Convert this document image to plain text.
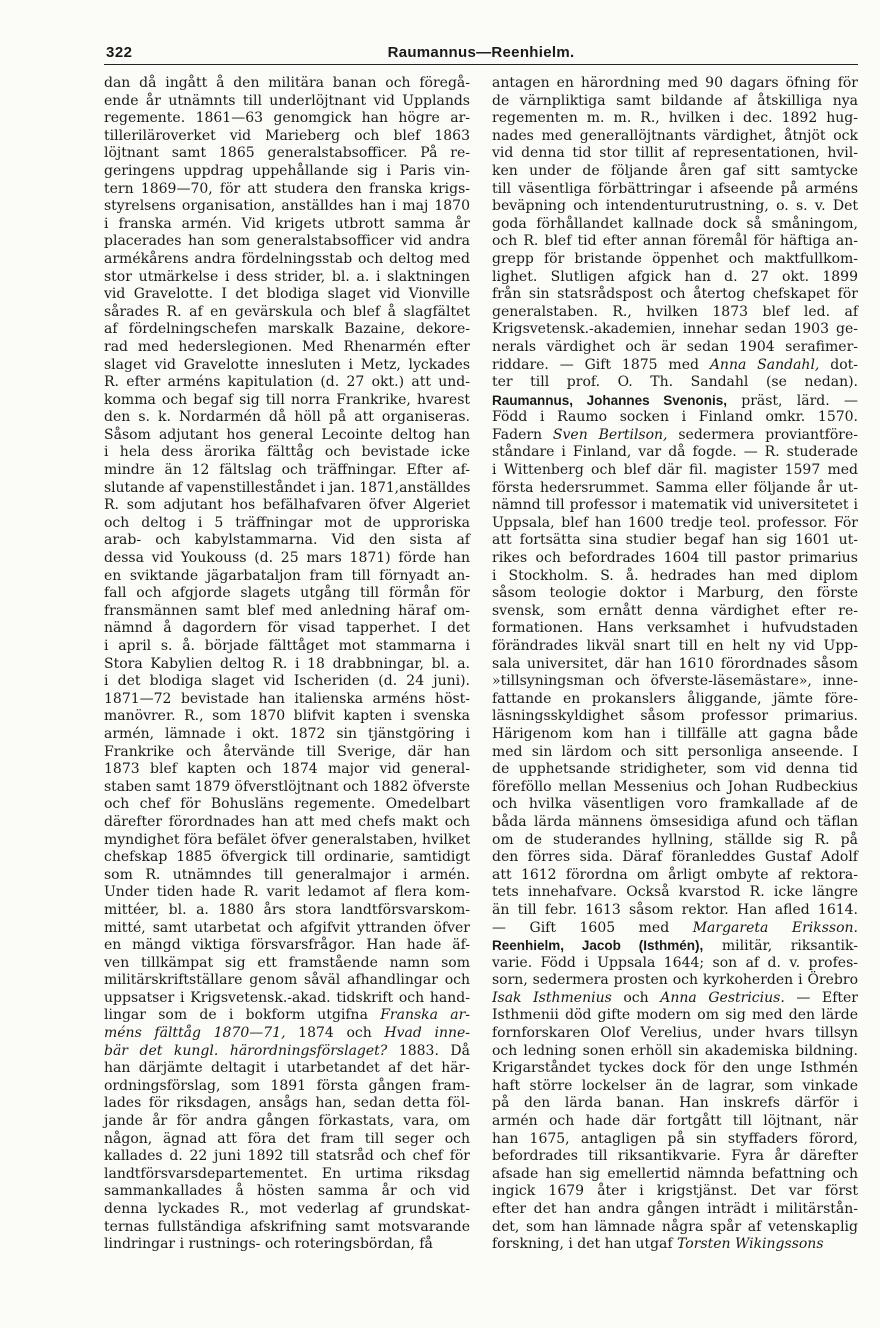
322	Raumannus—Reenhielm.
dan då ingått å den militära banan och föregå-
ende år utnämnts till underlöjtnant vid Upplands
regemente. 1861—63 genomgick han högre ar-
tilleriläroverket vid Marieberg och blef 1863
löjtnant samt 1865 generalstabsofficer. På re-
geringens uppdrag uppehållande sig i Paris vin-
tern 1869—70, för att studera den franska krigs-
styrelsens organisation, anställdes han i maj 1870
i franska armén. Vid krigets utbrott samma år
placerades han som generalstabsofficer vid andra
armékårens andra fördelningsstab och deltog med
stor utmärkelse i dess strider, bl. a. i slaktningen
vid Gravelotte. I det blodiga slaget vid Vionville
sårades R. af en gevärskula och blef å slagfältet
af fördelningschefen marskalk Bazaine, dekore-
rad med hederslegionen. Med Rhenarmén efter
slaget vid Gravelotte innesluten i Metz, lyckades
R. efter arméns kapitulation (d. 27 okt.) att und-
komma och begaf sig till norra Frankrike, hvarest
den s. k. Nordarmén då höll på att organiseras.
Såsom adjutant hos general Lecointe deltog han
i hela dess ärorika fälttåg och bevistade icke
mindre än 12 fältslag och träffningar. Efter af-
slutande af vapenstilleståndet i jan. 1871,anställdes
R. som adjutant hos befälhafvaren öfver Algeriet
och deltog i 5 träffningar mot de upproriska
arab- och kabylstammarna. Vid den sista af
dessa vid Youkouss (d. 25 mars 1871) förde han
en sviktande jägarbataljon fram till förnyadt an-
fall och afgjorde slagets utgång till förmån för
fransmännen samt blef med anledning häraf om-
nämnd å dagordern för visad tapperhet. I det
i april s. å. började fälttåget mot stammarna i
Stora Kabylien deltog R. i 18 drabbningar, bl. a.
i det blodiga slaget vid Ischeriden (d. 24 juni).
1871—72 bevistade han italienska arméns höst-
manövrer. R., som 1870 blifvit kapten i svenska
armén, lämnade i okt. 1872 sin tjänstgöring i
Frankrike och återvände till Sverige, där han
1873 blef kapten och 1874 major vid general-
staben samt 1879 öfverstlöjtnant och 1882 öfverste
och chef för Bohusläns regemente. Omedelbart
därefter förordnades han att med chefs makt och
myndighet föra befälet öfver generalstaben, hvilket
chefskap 1885 öfvergick till ordinarie, samtidigt
som R. utnämndes till generalmajor i armén.
Under tiden hade R. varit ledamot af flera kom-
mittéer, bl. a. 1880 års stora landtförsvarskom-
mitté, samt utarbetat och afgifvit yttranden öfver
en mängd viktiga försvarsfrågor. Han hade äf-
ven tillkämpat sig ett framstående namn som
militärskriftställare genom såväl afhandlingar och
uppsatser i Krigsvetensk.-akad. tidskrift och hand-
lingar som de i bokform utgifna Franska ar-
méns fälttåg 1870—71, 1874 och Hvad inne-
bär det kungl. härordningsförslaget? 1883. Då
han därjämte deltagit i utarbetandet af det här-
ordningsförslag, som 1891 första gången fram-
lades för riksdagen, ansågs han, sedan detta föl-
jande år för andra gången förkastats, vara, om
någon, ägnad att föra det fram till seger och
kallades d. 22 juni 1892 till statsråd och chef för
landtförsvarsdepartementet. En urtima riksdag
sammankallades å hösten samma år och vid
denna lyckades R., mot vederlag af grundskat-
ternas fullständiga afskrifning samt motsvarande
lindringar i rustnings- och roteringsbördan, få
antagen en härordning med 90 dagars öfning för
de värnpliktiga samt bildande af åtskilliga nya
regementen m. m. R., hvilken i dec. 1892 hug-
nades med generallöjtnants värdighet, åtnjöt ock
vid denna tid stor tillit af representationen, hvil-
ken under de följande åren gaf sitt samtycke
till väsentliga förbättringar i afseende på arméns
beväpning och intendenturutrustning, o. s. v. Det
goda förhållandet kallnade dock så småningom,
och R. blef tid efter annan föremål för häftiga an-
grepp för bristande öppenhet och maktfullkom-
lighet. Slutligen afgick han d. 27 okt. 1899
från sin statsrådspost och återtog chefskapet för
generalstaben. R., hvilken 1873 blef led. af
Krigsvetensk.-akademien, innehar sedan 1903 ge-
nerals värdighet och är sedan 1904 serafimer-
riddare. — Gift 1875 med Anna Sandahl, dot-
ter till prof. O. Th. Sandahl (se nedan).
Raumannus, Johannes Svenonis, präst, lärd. —
Född i Raumo socken i Finland omkr. 1570.
Fadern Sven Bertilson, sedermera proviantföre-
ståndare i Finland, var då fogde. — R. studerade
i Wittenberg och blef där fil. magister 1597 med
första hedersrummet. Samma eller följande år ut-
nämnd till professor i matematik vid universitetet i
Uppsala, blef han 1600 tredje teol. professor. För
att fortsätta sina studier begaf han sig 1601 ut-
rikes och befordrades 1604 till pastor primarius
i Stockholm. S. å. hedrades han med diplom
såsom teologie doktor i Marburg, den förste
svensk, som ernått denna värdighet efter re-
formationen. Hans verksamhet i hufvudstaden
förändrades likväl snart till en helt ny vid Upp-
sala universitet, där han 1610 förordnades såsom
»tillsyningsman och öfverste-läsemästare», inne-
fattande en prokanslers åliggande, jämte före-
läsningsskyldighet såsom professor primarius.
Härigenom kom han i tillfälle att gagna både
med sin lärdom och sitt personliga anseende. I
de upphetsande stridigheter, som vid denna tid
föreföllo mellan Messenius och Johan Rudbeckius
och hvilka väsentligen voro framkallade af de
båda lärda männens ömsesidiga afund och täflan
om de studerandes hyllning, ställde sig R. på
den förres sida. Däraf föranleddes Gustaf Adolf
att 1612 förordna om årligt ombyte af rektora-
tets innehafvare. Också kvarstod R. icke längre
än till febr. 1613 såsom rektor. Han afled 1614.
— Gift 1605 med Margareta Eriksson.
Reenhielm, Jacob (Isthmén), militär, riksantik-
varie. Född i Uppsala 1644; son af d. v. profes-
sorn, sedermera prosten och kyrkoherden i Örebro
Isak Isthmenius och Anna Gestricius. — Efter
Isthmenii död gifte modern om sig med den lärde
fornforskaren Olof Verelius, under hvars tillsyn
och ledning sonen erhöll sin akademiska bildning.
Krigarståndet tyckes dock för den unge Isthmén
haft större lockelser än de lagrar, som vinkade
på den lärda banan. Han inskrefs därför i
armén och hade där fortgått till löjtnant, när
han 1675, antagligen på sin styffaders förord,
befordrades till riksantikvarie. Fyra år därefter
afsade han sig emellertid nämnda befattning och
ingick 1679 åter i krigstjänst. Det var först
efter det han andra gången inträdt i militärstån-
det, som han lämnade några spår af vetenskaplig
forskning, i det han utgaf Torsten Wikingssons
